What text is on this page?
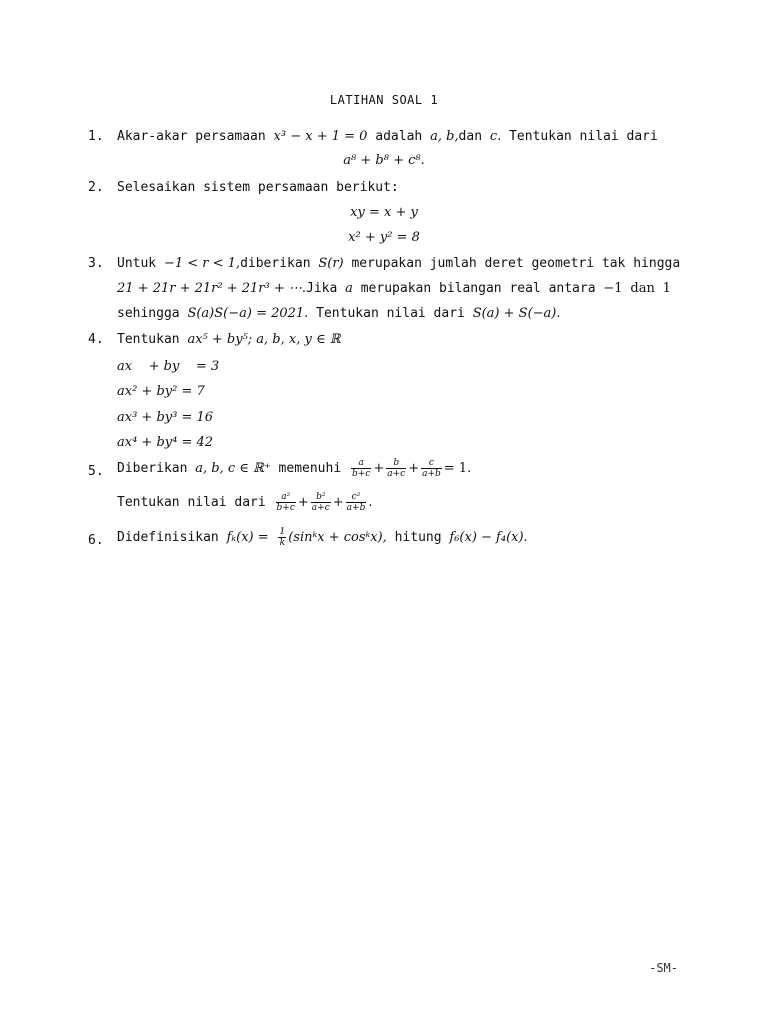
LATIHAN SOAL 1
1. Akar-akar persamaan x³ − x + 1 = 0 adalah a, b,dan c. Tentukan nilai dari
a⁸ + b⁸ + c⁸.
2. Selesaikan sistem persamaan berikut:
xy = x + y
x² + y² = 8
3. Untuk −1 < r < 1,diberikan S(r) merupakan jumlah deret geometri tak hingga
21 + 21r + 21r² + 21r³ + ⋯.Jika a merupakan bilangan real antara −1 dan 1
sehingga S(a)S(−a) = 2021. Tentukan nilai dari S(a) + S(−a).
4. Tentukan ax⁵ + by⁵; a, b, x, y ∈ ℝ
ax    + by    = 3
ax² + by² = 7
ax³ + by³ = 16
ax⁴ + by⁴ = 42
5. Diberikan a, b, c ∈ ℝ⁺ memenuhi $\frac{a}{b+c} + \frac{b}{a+c} + \frac{c}{a+b} = 1$.
Tentukan nilai dari $\frac{\text{a²}}{b+c} + \frac{\text{b²}}{a+c} + \frac{\text{c²}}{a+b}$ .
6. Didefinisikan $f_k(x) = \frac{1}{k}$ (sinᵏx + cosᵏx), hitung f₆(x) − f₄(x).
-SM-
